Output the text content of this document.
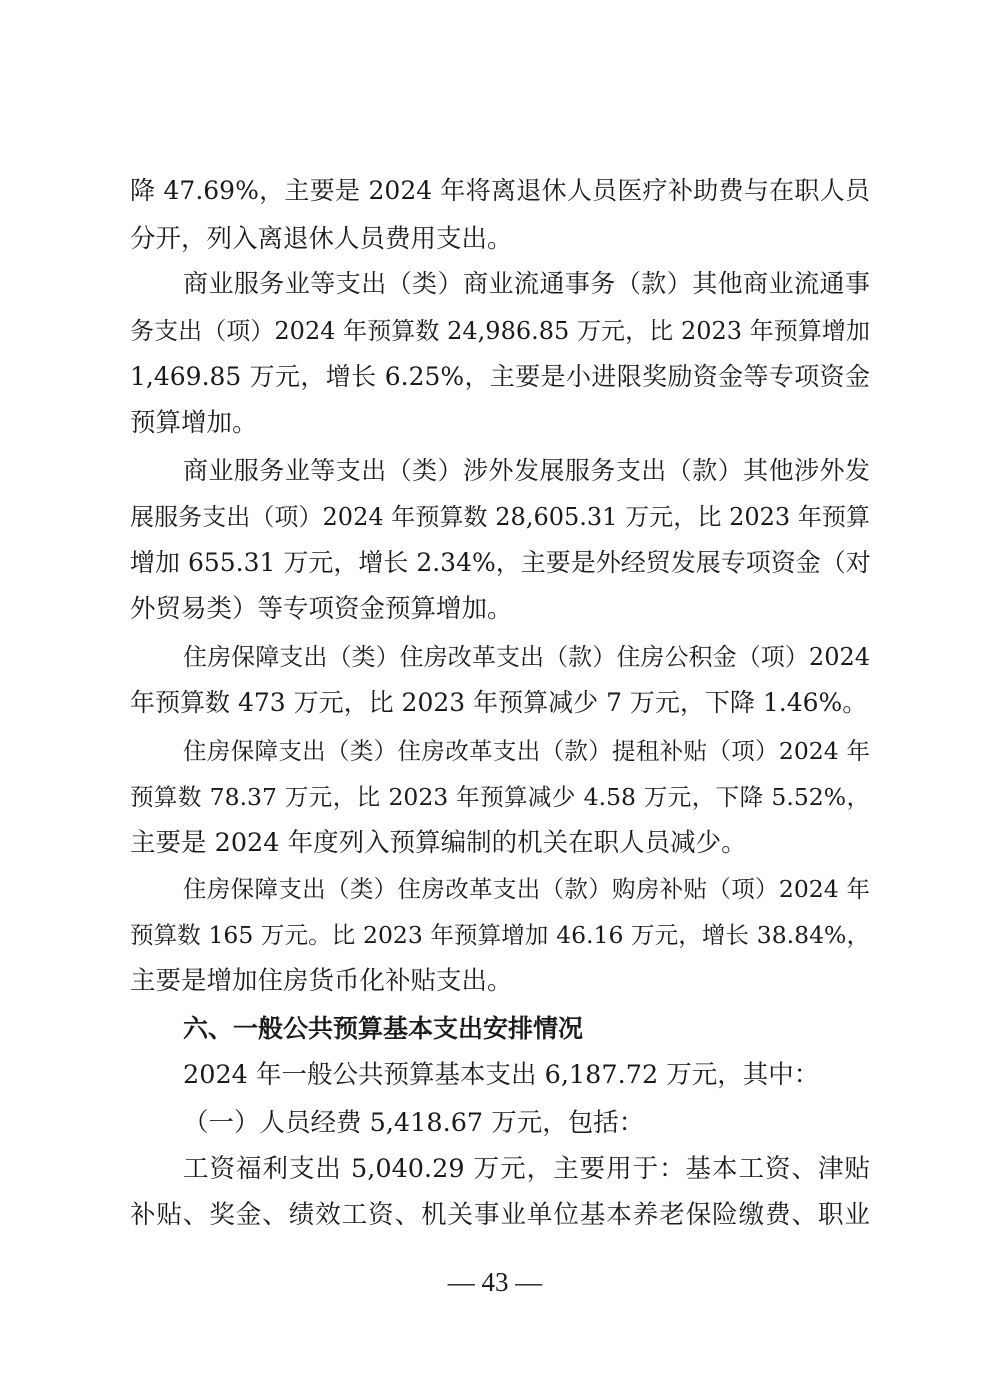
降 47.69%，主要是 2024 年将离退休人员医疗补助费与在职人员
分开，列入离退休人员费用支出。
商业服务业等支出（类）商业流通事务（款）其他商业流通事
务支出（项）2024 年预算数 24,986.85 万元，比 2023 年预算增加
1,469.85 万元，增长 6.25%，主要是小进限奖励资金等专项资金
预算增加。
商业服务业等支出（类）涉外发展服务支出（款）其他涉外发
展服务支出（项）2024 年预算数 28,605.31 万元，比 2023 年预算
增加 655.31 万元，增长 2.34%，主要是外经贸发展专项资金（对
外贸易类）等专项资金预算增加。
住房保障支出（类）住房改革支出（款）住房公积金（项）2024
年预算数 473 万元，比 2023 年预算减少 7 万元，下降 1.46%。
住房保障支出（类）住房改革支出（款）提租补贴（项）2024 年
预算数 78.37 万元，比 2023 年预算减少 4.58 万元，下降 5.52%，
主要是 2024 年度列入预算编制的机关在职人员减少。
住房保障支出（类）住房改革支出（款）购房补贴（项）2024 年
预算数 165 万元。比 2023 年预算增加 46.16 万元，增长 38.84%，
主要是增加住房货币化补贴支出。
六、一般公共预算基本支出安排情况
2024 年一般公共预算基本支出 6,187.72 万元，其中：
（一）人员经费 5,418.67 万元，包括：
工资福利支出 5,040.29 万元，主要用于：基本工资、津贴
补贴、奖金、绩效工资、机关事业单位基本养老保险缴费、职业
— 43 —
